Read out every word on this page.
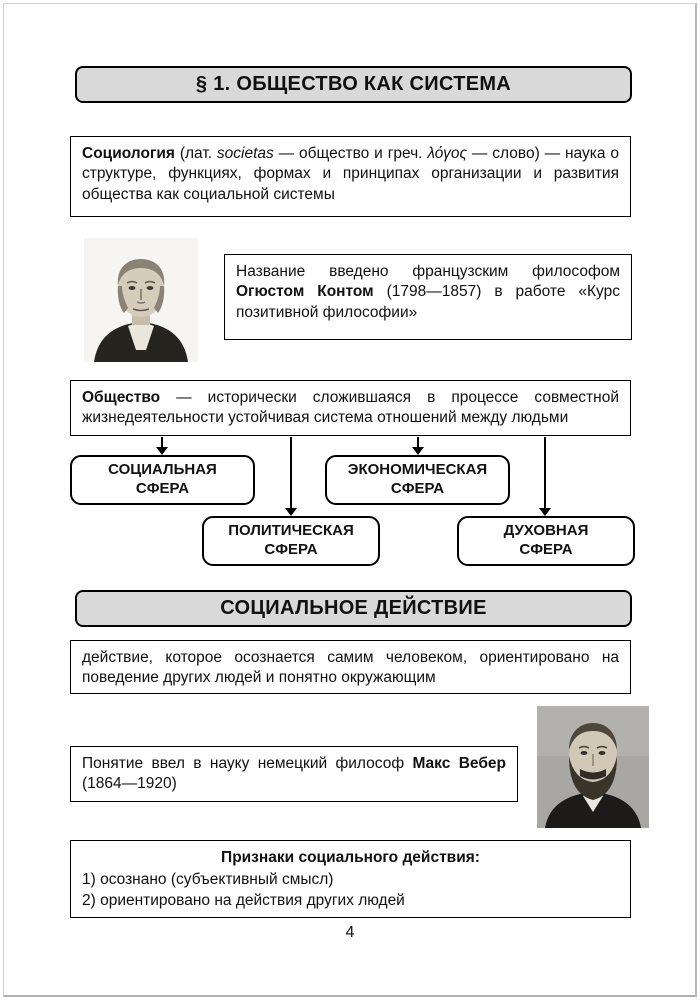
§ 1. ОБЩЕСТВО КАК СИСТЕМА
Социология (лат. societas — общество и греч. λόγος — слово) — наука о структуре, функциях, формах и принципах организации и развития общества как социальной системы
Название введено французским философом Огюстом Контом (1798—1857) в работе «Курс позитивной философии»
Общество — исторически сложившаяся в процессе совместной жизнедеятельности устойчивая система отношений между людьми
СОЦИАЛЬНАЯ СФЕРА
ЭКОНОМИЧЕСКАЯ СФЕРА
ПОЛИТИЧЕСКАЯ СФЕРА
ДУХОВНАЯ СФЕРА
СОЦИАЛЬНОЕ ДЕЙСТВИЕ
действие, которое осознается самим человеком, ориентировано на поведение других людей и понятно окружающим
Понятие ввел в науку немецкий философ Макс Вебер (1864—1920)
Признаки социального действия:
1) осознано (субъективный смысл)
2) ориентировано на действия других людей
4
